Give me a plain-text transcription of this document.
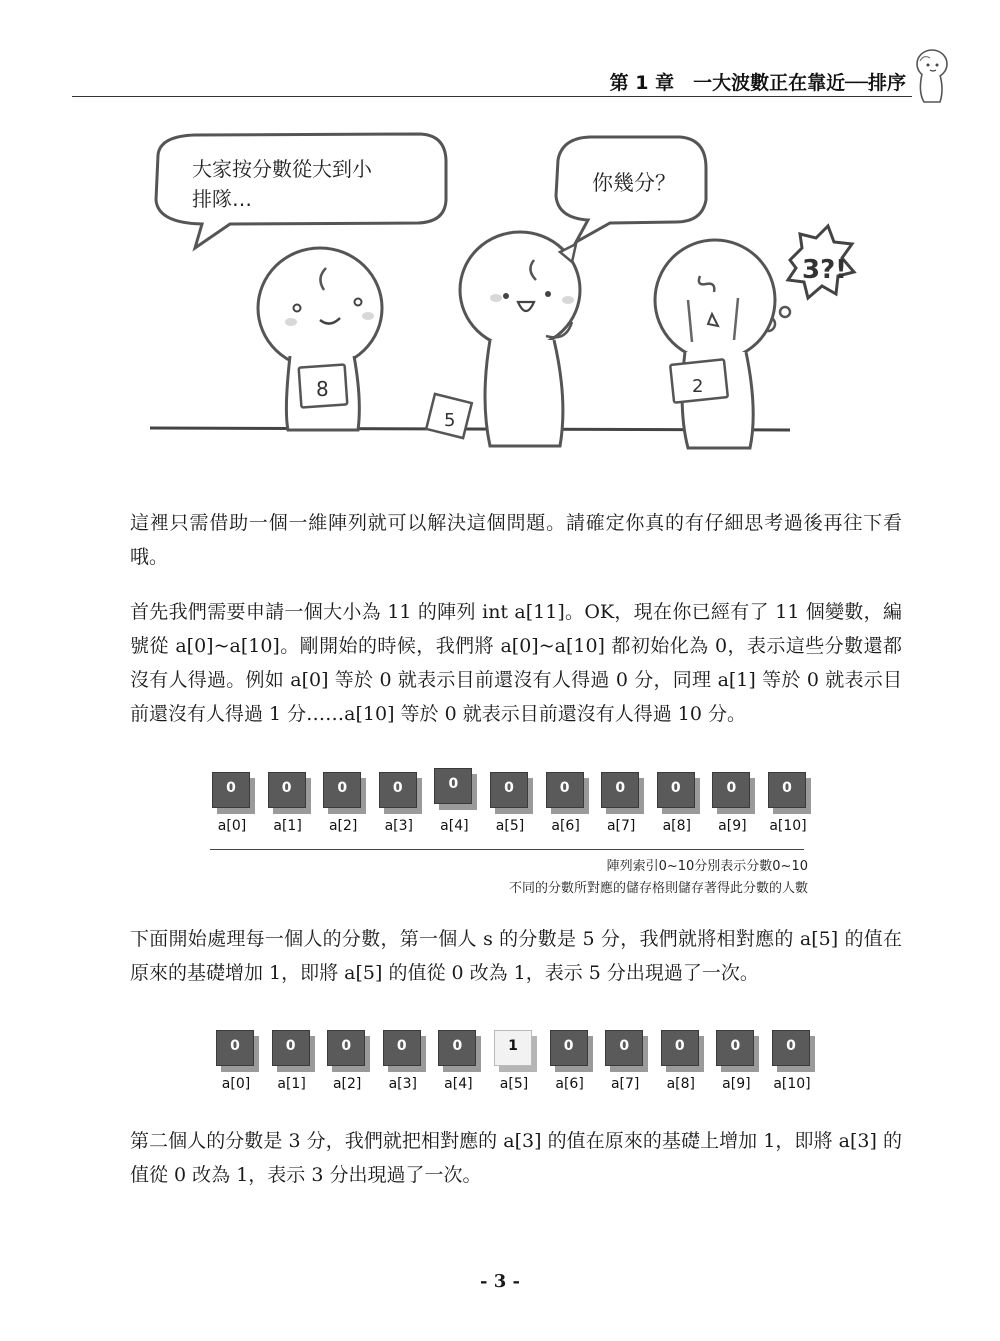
第 1 章　一大波數正在靠近──排序
大家按分數從大到小
排隊…
你幾分？
3?!
8
5
2

這裡只需借助一個一維陣列就可以解決這個問題。請確定你真的有仔細思考過後再往下看哦。

首先我們需要申請一個大小為 11 的陣列 int a[11]。OK，現在你已經有了 11 個變數，編號從 a[0]~a[10]。剛開始的時候，我們將 a[0]~a[10] 都初始化為 0，表示這些分數還都沒有人得過。例如 a[0] 等於 0 就表示目前還沒有人得過 0 分，同理 a[1] 等於 0 就表示目前還沒有人得過 1 分……a[10] 等於 0 就表示目前還沒有人得過 10 分。

0
a[0]
0
a[1]
0
a[2]
0
a[3]
0
a[4]
0
a[5]
0
a[6]
0
a[7]
0
a[8]
0
a[9]
0
a[10]
陣列索引0~10分別表示分數0~10
不同的分數所對應的儲存格則儲存著得此分數的人數

下面開始處理每一個人的分數，第一個人 s 的分數是 5 分，我們就將相對應的 a[5] 的值在原來的基礎增加 1，即將 a[5] 的值從 0 改為 1，表示 5 分出現過了一次。

0
a[0]
0
a[1]
0
a[2]
0
a[3]
0
a[4]
1
a[5]
0
a[6]
0
a[7]
0
a[8]
0
a[9]
0
a[10]

第二個人的分數是 3 分，我們就把相對應的 a[3] 的值在原來的基礎上增加 1，即將 a[3] 的值從 0 改為 1，表示 3 分出現過了一次。

- 3 -
